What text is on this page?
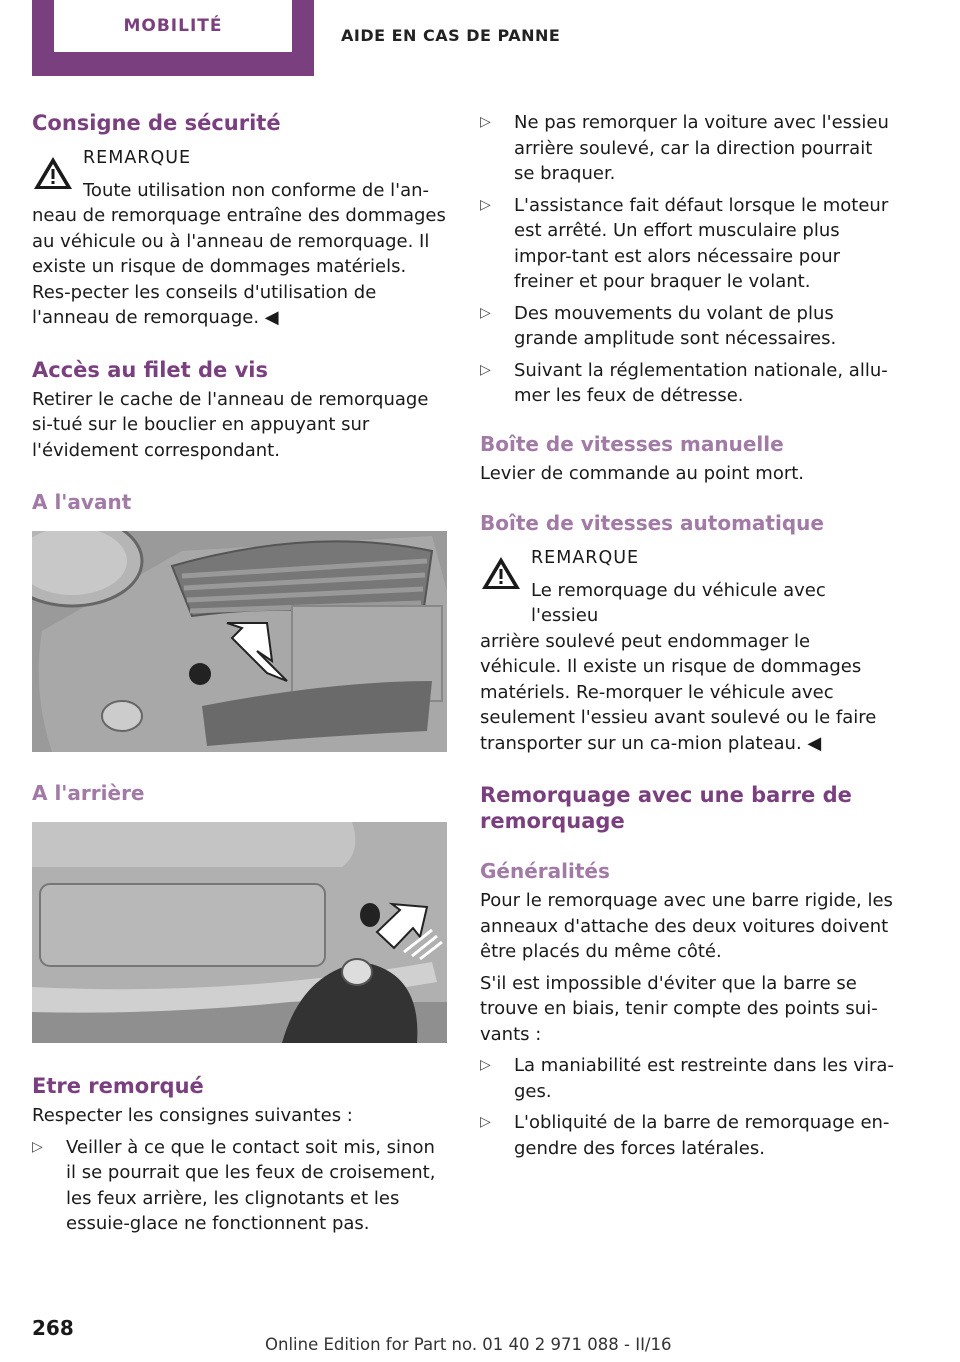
MOBILITÉ	AIDE EN CAS DE PANNE
Consigne de sécurité
REMARQUE
Toute utilisation non conforme de l'an-

neau de remorquage entraîne des dommages au véhicule ou à l'anneau de remorquage. Il existe un risque de dommages matériels. Res-pecter les conseils d'utilisation de l'anneau de remorquage. ◀

Accès au filet de vis

Retirer le cache de l'anneau de remorquage si-tué sur le bouclier en appuyant sur l'évidement correspondant.

A l'avant
A l'arrière
Etre remorqué

Respecter les consignes suivantes :

▷ Veiller à ce que le contact soit mis, sinon il se pourrait que les feux de croisement, les feux arrière, les clignotants et les essuie-glace ne fonctionnent pas.
▷ Ne pas remorquer la voiture avec l'essieu arrière soulevé, car la direction pourrait se braquer.
▷ L'assistance fait défaut lorsque le moteur est arrêté. Un effort musculaire plus impor-tant est alors nécessaire pour freiner et pour braquer le volant.
▷ Des mouvements du volant de plus grande amplitude sont nécessaires.
▷ Suivant la réglementation nationale, allu-mer les feux de détresse.
Boîte de vitesses manuelle

Levier de commande au point mort.

Boîte de vitesses automatique
REMARQUE
Le remorquage du véhicule avec l'essieu

arrière soulevé peut endommager le véhicule. Il existe un risque de dommages matériels. Re-morquer le véhicule avec seulement l'essieu avant soulevé ou le faire transporter sur un ca-mion plateau. ◀

Remorquage avec une barre de remorquage
Généralités

Pour le remorquage avec une barre rigide, les anneaux d'attache des deux voitures doivent être placés du même côté.

S'il est impossible d'éviter que la barre se trouve en biais, tenir compte des points sui-vants :

▷ La maniabilité est restreinte dans les vira-ges.
▷ L'obliquité de la barre de remorquage en-gendre des forces latérales.
268
Online Edition for Part no. 01 40 2 971 088 - II/16
